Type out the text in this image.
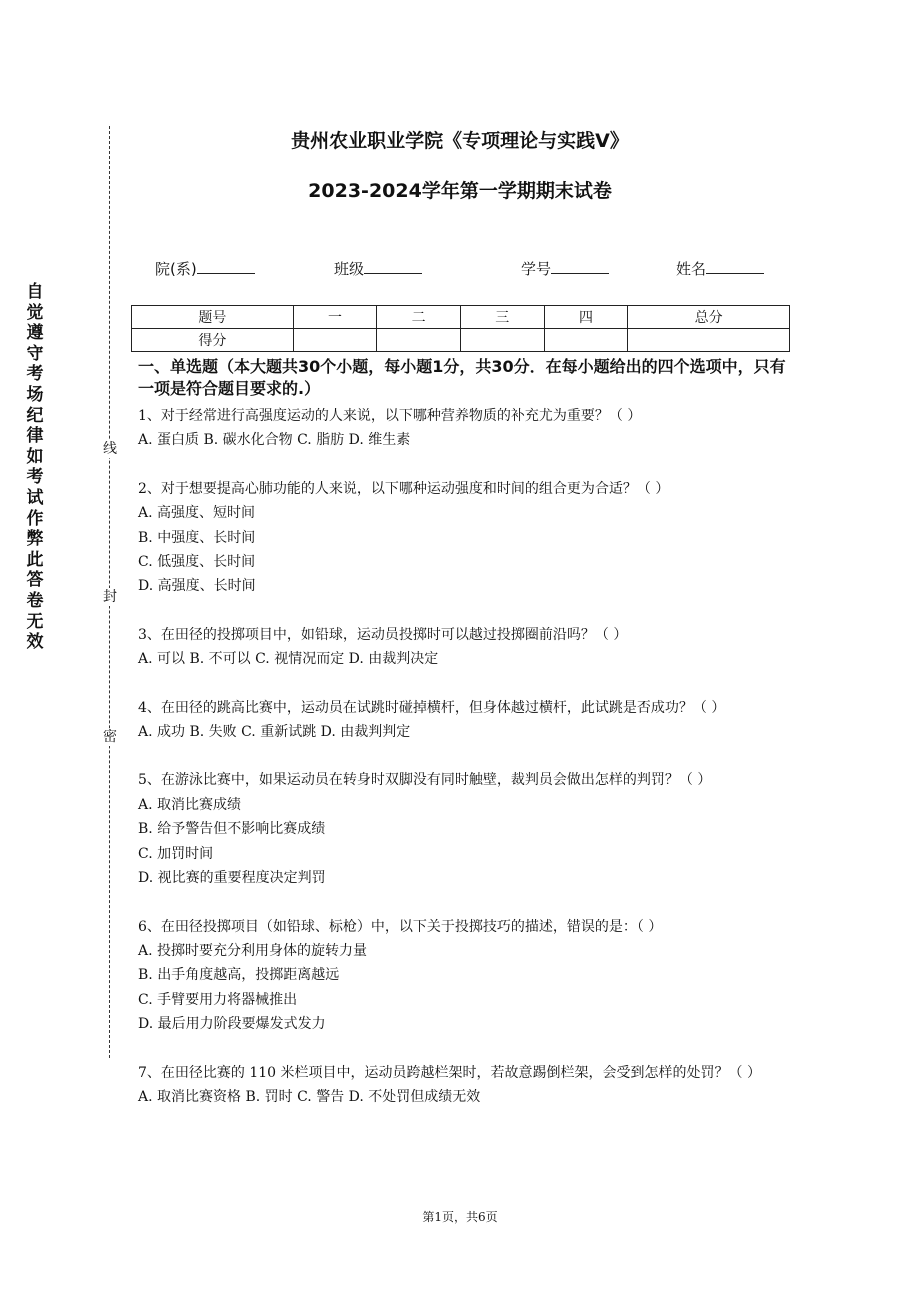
自觉遵守考场纪律如考试作弊此答卷无效
线
封
密
贵州农业职业学院《专项理论与实践Ⅴ》
2023-2024学年第一学期期末试卷
院(系)	班级	学号	姓名
题号	一	二	三	四	总分
得分					
一、单选题（本大题共30个小题，每小题1分，共30分．在每小题给出的四个选项中，只有一项是符合题目要求的.）

1、对于经常进行高强度运动的人来说，以下哪种营养物质的补充尤为重要？（ ）

A. 蛋白质 B. 碳水化合物 C. 脂肪 D. 维生素

2、对于想要提高心肺功能的人来说，以下哪种运动强度和时间的组合更为合适？（ ）

A. 高强度、短时间

B. 中强度、长时间

C. 低强度、长时间

D. 高强度、长时间

3、在田径的投掷项目中，如铅球，运动员投掷时可以越过投掷圈前沿吗？（ ）

A. 可以 B. 不可以 C. 视情况而定 D. 由裁判决定

4、在田径的跳高比赛中，运动员在试跳时碰掉横杆，但身体越过横杆，此试跳是否成功？（ ）

A. 成功 B. 失败 C. 重新试跳 D. 由裁判判定

5、在游泳比赛中，如果运动员在转身时双脚没有同时触壁，裁判员会做出怎样的判罚？（ ）

A. 取消比赛成绩

B. 给予警告但不影响比赛成绩

C. 加罚时间

D. 视比赛的重要程度决定判罚

6、在田径投掷项目（如铅球、标枪）中，以下关于投掷技巧的描述，错误的是：（ ）

A. 投掷时要充分利用身体的旋转力量

B. 出手角度越高，投掷距离越远

C. 手臂要用力将器械推出

D. 最后用力阶段要爆发式发力

7、在田径比赛的 110 米栏项目中，运动员跨越栏架时，若故意踢倒栏架，会受到怎样的处罚？（ ）

A. 取消比赛资格 B. 罚时 C. 警告 D. 不处罚但成绩无效

第1页，共6页
